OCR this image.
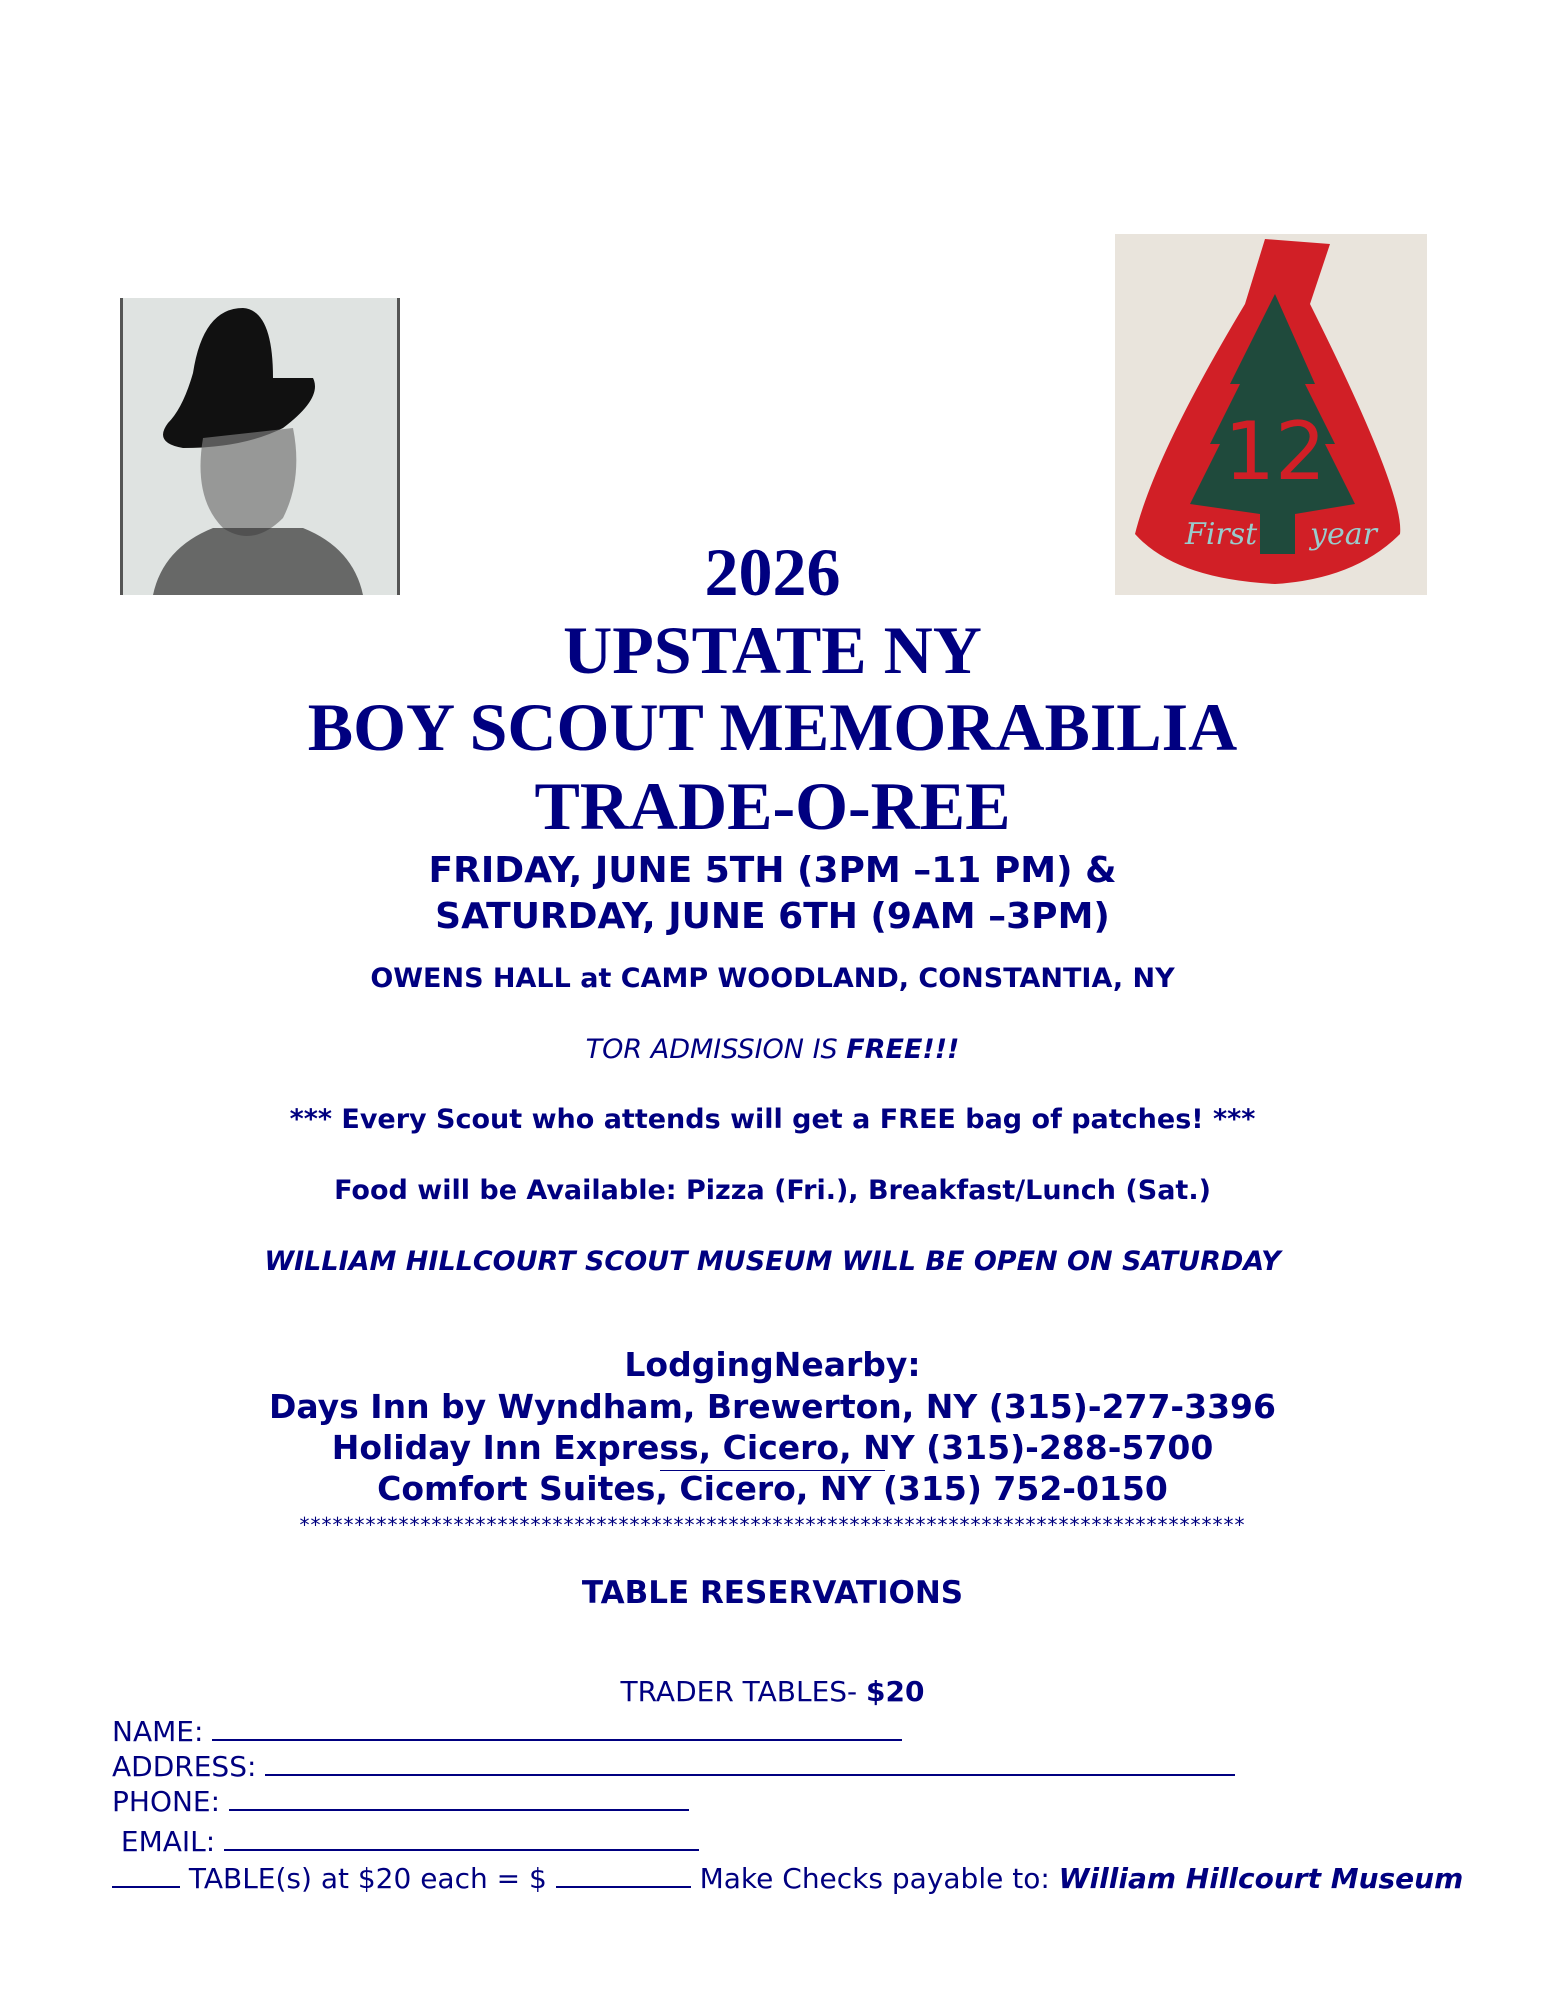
12
First year
2026
UPSTATE NY
BOY SCOUT MEMORABILIA
TRADE-O-REE
FRIDAY, JUNE 5TH (3PM –11 PM) &
SATURDAY, JUNE 6TH (9AM –3PM)
OWENS HALL at CAMP WOODLAND, CONSTANTIA, NY
TOR ADMISSION IS FREE!!!
*** Every Scout who attends will get a FREE bag of patches! ***
Food will be Available: Pizza (Fri.), Breakfast/Lunch (Sat.)
WILLIAM HILLCOURT SCOUT MUSEUM WILL BE OPEN ON SATURDAY
LodgingNearby:
Days Inn by Wyndham, Brewerton, NY (315)-277-3396
Holiday Inn Express, Cicero, NY (315)-288-5700
Comfort Suites, Cicero, NY (315) 752-0150
**************************************************************************************
TABLE RESERVATIONS
TRADER TABLES- $20
NAME:
ADDRESS:
PHONE:
EMAIL:
TABLE(s) at $20 each = $	Make Checks payable to: William Hillcourt Museum
